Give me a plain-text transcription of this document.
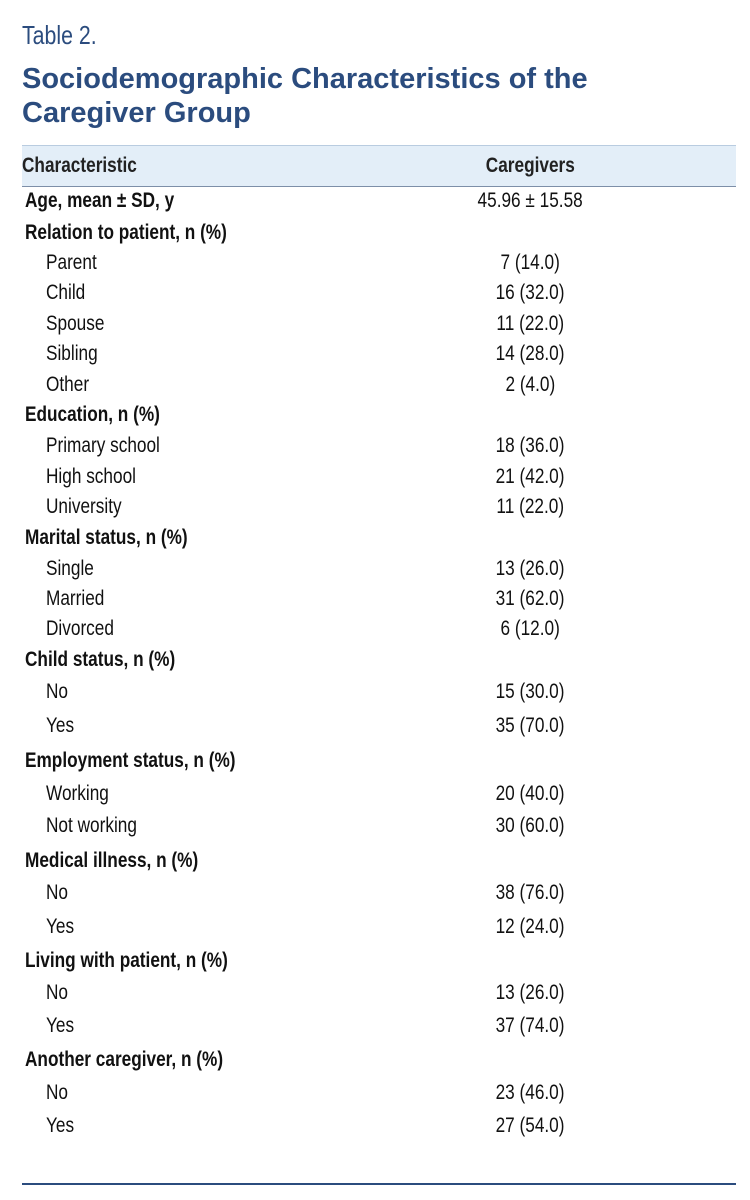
Table 2.
Sociodemographic Characteristics of the Caregiver Group
Characteristic	Caregivers
Age, mean ± SD, y	45.96 ± 15.58
Relation to patient, n (%)
Parent	7 (14.0)
Child	16 (32.0)
Spouse	11 (22.0)
Sibling	14 (28.0)
Other	2 (4.0)
Education, n (%)
Primary school	18 (36.0)
High school	21 (42.0)
University	11 (22.0)
Marital status, n (%)
Single	13 (26.0)
Married	31 (62.0)
Divorced	6 (12.0)
Child status, n (%)
No	15 (30.0)
Yes	35 (70.0)
Employment status, n (%)
Working	20 (40.0)
Not working	30 (60.0)
Medical illness, n (%)
No	38 (76.0)
Yes	12 (24.0)
Living with patient, n (%)
No	13 (26.0)
Yes	37 (74.0)
Another caregiver, n (%)
No	23 (46.0)
Yes	27 (54.0)
